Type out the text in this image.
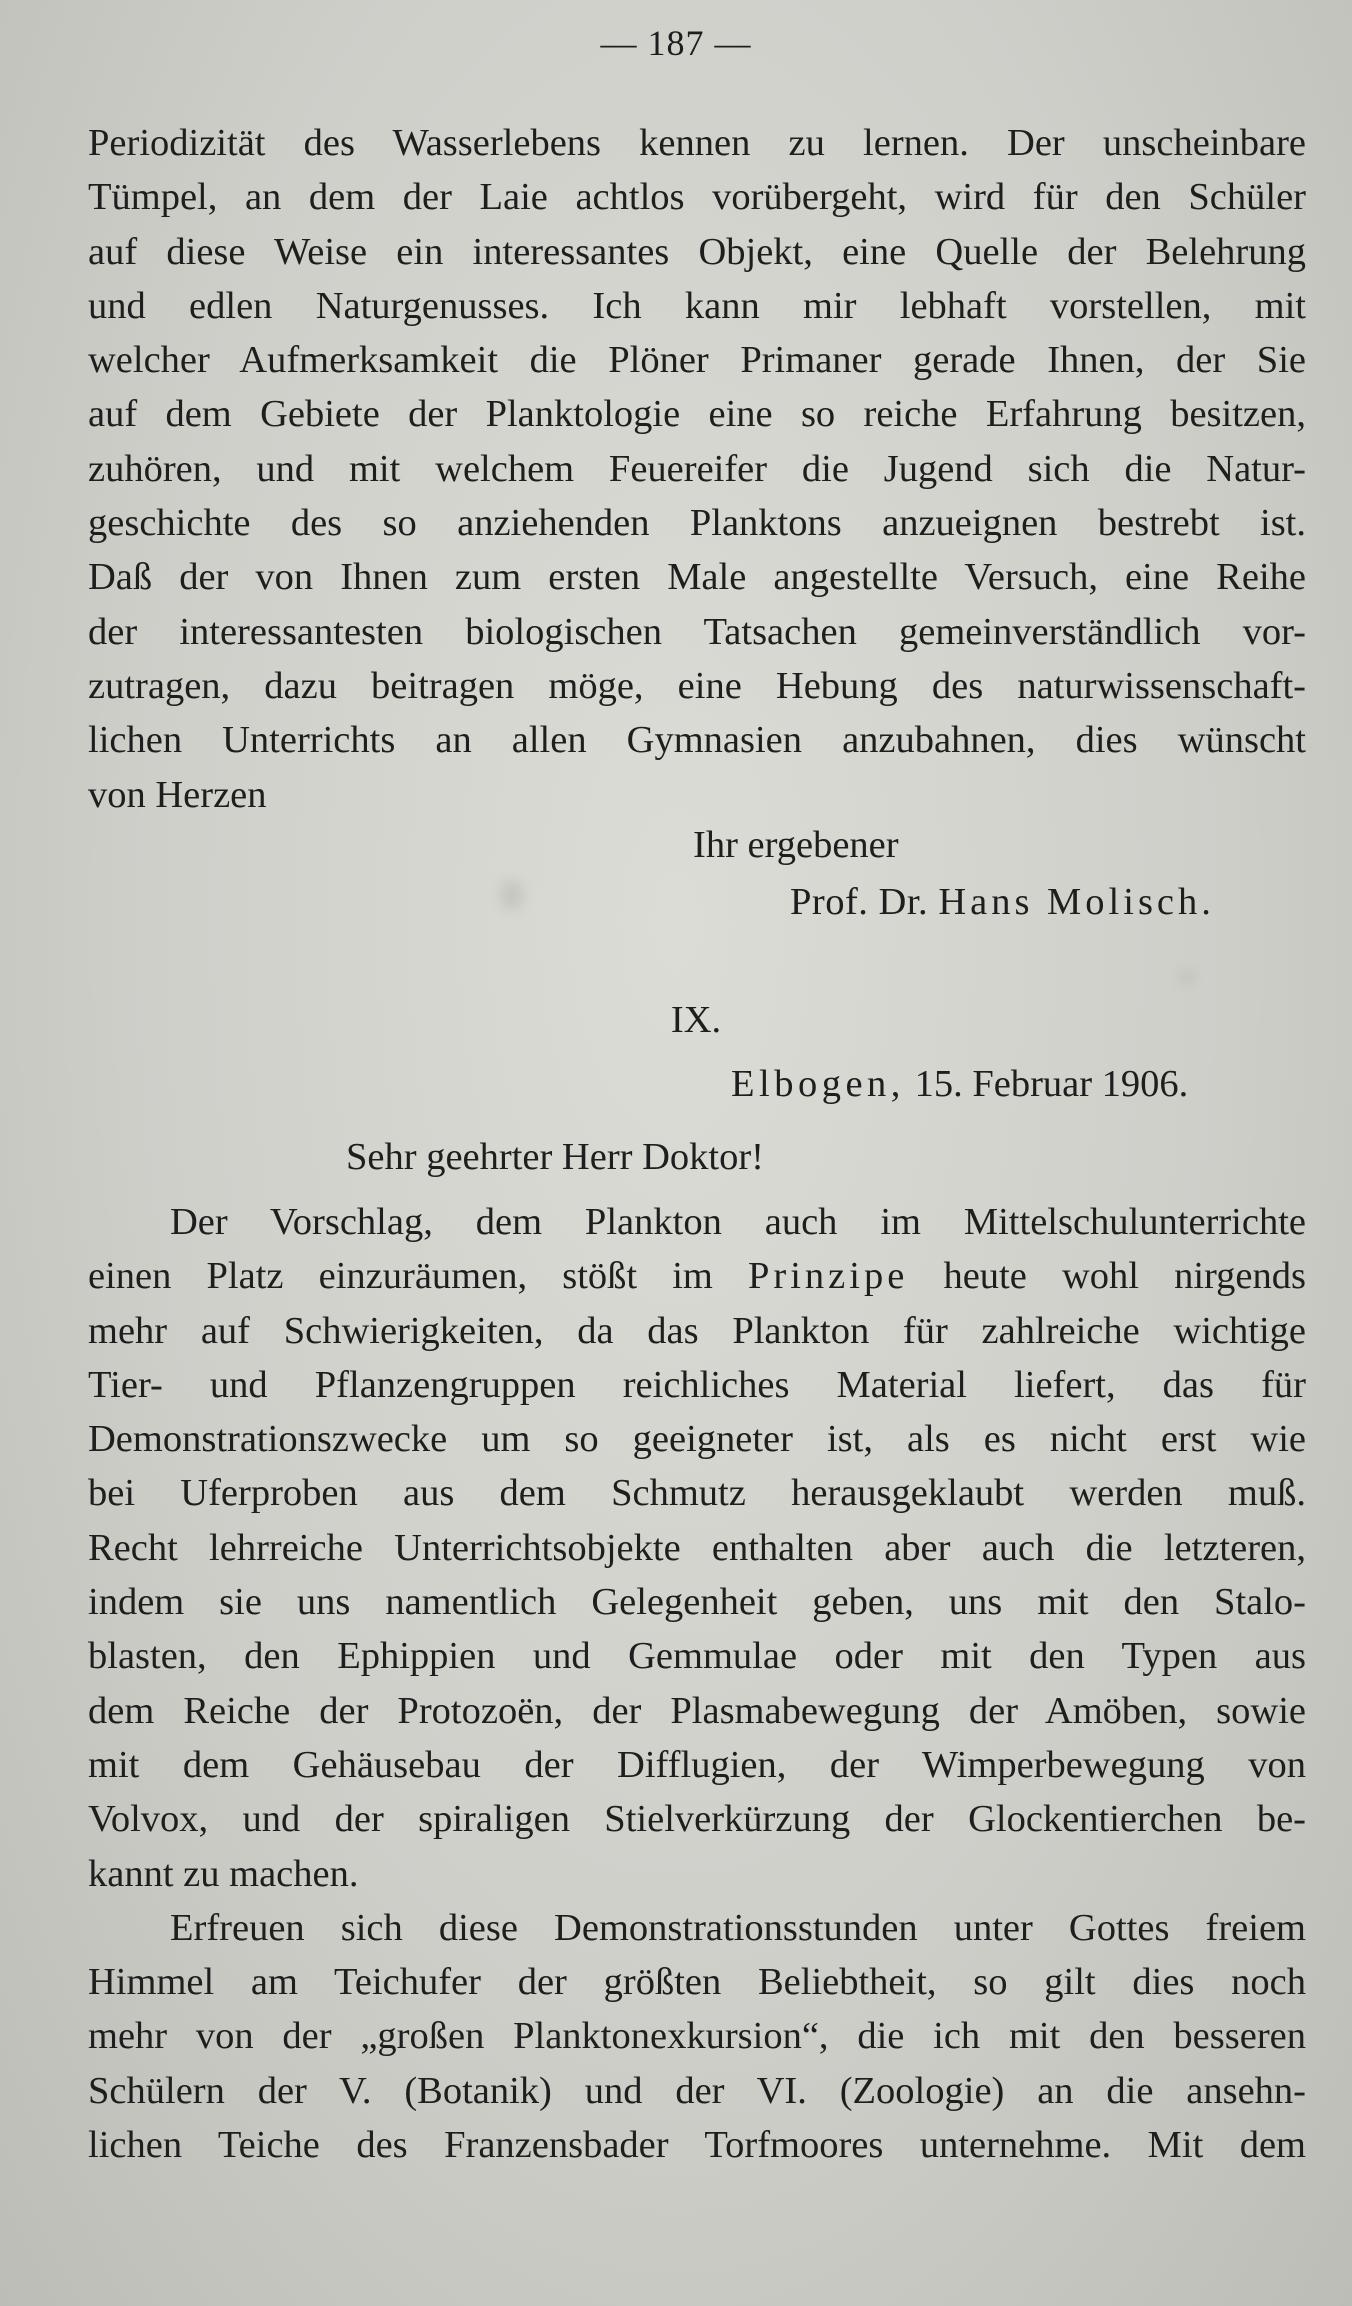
— 187 —
Periodizität des Wasserlebens kennen zu lernen. Der unscheinbare
Tümpel, an dem der Laie achtlos vorübergeht, wird für den Schüler
auf diese Weise ein interessantes Objekt, eine Quelle der Belehrung
und edlen Naturgenusses. Ich kann mir lebhaft vorstellen, mit
welcher Aufmerksamkeit die Plöner Primaner gerade Ihnen, der Sie
auf dem Gebiete der Planktologie eine so reiche Erfahrung besitzen,
zuhören, und mit welchem Feuereifer die Jugend sich die Natur-
geschichte des so anziehenden Planktons anzueignen bestrebt ist.
Daß der von Ihnen zum ersten Male angestellte Versuch, eine Reihe
der interessantesten biologischen Tatsachen gemeinverständlich vor-
zutragen, dazu beitragen möge, eine Hebung des naturwissenschaft-
lichen Unterrichts an allen Gymnasien anzubahnen, dies wünscht
von Herzen
Ihr ergebener
Prof. Dr. Hans Molisch.
IX.
Elbogen, 15. Februar 1906.
Sehr geehrter Herr Doktor!
Der Vorschlag, dem Plankton auch im Mittelschulunterrichte
einen Platz einzuräumen, stößt im Prinzipe heute wohl nirgends
mehr auf Schwierigkeiten, da das Plankton für zahlreiche wichtige
Tier- und Pflanzengruppen reichliches Material liefert, das für
Demonstrationszwecke um so geeigneter ist, als es nicht erst wie
bei Uferproben aus dem Schmutz herausgeklaubt werden muß.
Recht lehrreiche Unterrichtsobjekte enthalten aber auch die letzteren,
indem sie uns namentlich Gelegenheit geben, uns mit den Stalo-
blasten, den Ephippien und Gemmulae oder mit den Typen aus
dem Reiche der Protozoën, der Plasmabewegung der Amöben, sowie
mit dem Gehäusebau der Difflugien, der Wimperbewegung von
Volvox, und der spiraligen Stielverkürzung der Glockentierchen be-
kannt zu machen.
Erfreuen sich diese Demonstrationsstunden unter Gottes freiem
Himmel am Teichufer der größten Beliebtheit, so gilt dies noch
mehr von der „großen Planktonexkursion“, die ich mit den besseren
Schülern der V. (Botanik) und der VI. (Zoologie) an die ansehn-
lichen Teiche des Franzensbader Torfmoores unternehme. Mit dem
